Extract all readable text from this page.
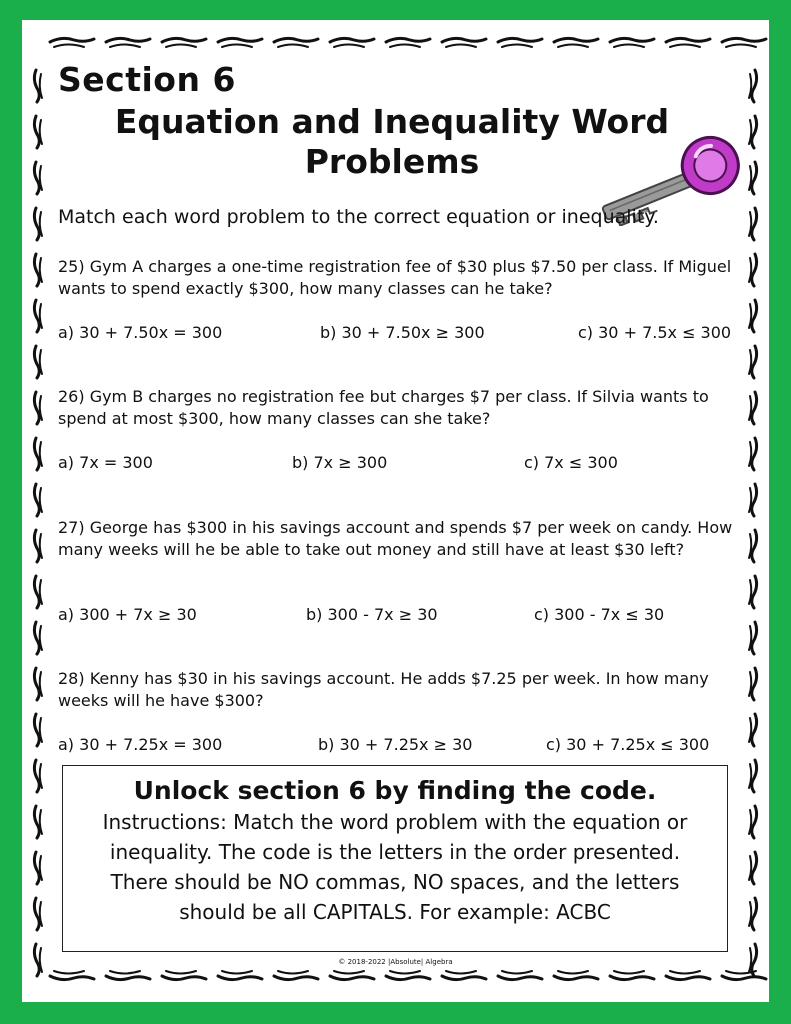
Section 6
Equation and Inequality Word Problems
Match each word problem to the correct equation or inequality.
25) Gym A charges a one-time registration fee of $30 plus $7.50 per class. If Miguel wants to spend exactly $300, how many classes can he take?
a) 30 + 7.50x = 300	b) 30 + 7.50x ≥ 300	c) 30 + 7.5x ≤ 300
26) Gym B charges no registration fee but charges $7 per class. If Silvia wants to spend at most $300, how many classes can she take?
a) 7x = 300	b) 7x ≥ 300	c) 7x ≤ 300
27) George has $300 in his savings account and spends $7 per week on candy. How many weeks will he be able to take out money and still have at least $30 left?
a) 300 + 7x ≥ 30	b) 300 - 7x ≥ 30	c) 300 - 7x ≤ 30
28) Kenny has $30 in his savings account. He adds $7.25 per week. In how many weeks will he have $300?
a) 30 + 7.25x = 300	b) 30 + 7.25x ≥ 30	c) 30 + 7.25x ≤ 300
Unlock section 6 by finding the code.
Instructions: Match the word problem with the equation or inequality. The code is the letters in the order presented. There should be NO commas, NO spaces, and the letters should be all CAPITALS. For example: ACBC
© 2018-2022 |Absolute| Algebra
